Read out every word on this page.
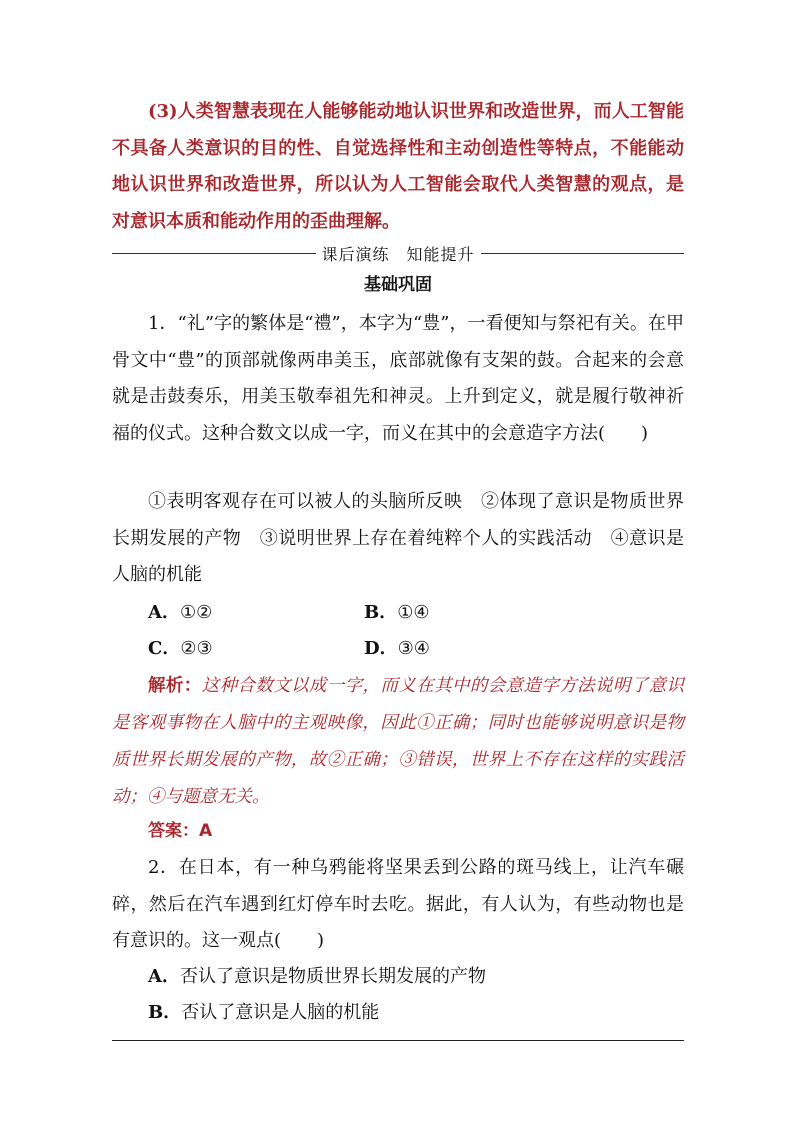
(3)人类智慧表现在人能够能动地认识世界和改造世界，而人工智能不具备人类意识的目的性、自觉选择性和主动创造性等特点，不能能动地认识世界和改造世界，所以认为人工智能会取代人类智慧的观点，是对意识本质和能动作用的歪曲理解。

课后演练　知能提升
基础巩固

1．“礼”字的繁体是“禮”，本字为“豊”，一看便知与祭祀有关。在甲骨文中“豊”的顶部就像两串美玉，底部就像有支架的鼓。合起来的会意就是击鼓奏乐，用美玉敬奉祖先和神灵。上升到定义，就是履行敬神祈福的仪式。这种合数文以成一字，而义在其中的会意造字方法(　　)

①表明客观存在可以被人的头脑所反映　②体现了意识是物质世界长期发展的产物　③说明世界上存在着纯粹个人的实践活动　④意识是人脑的机能

A．①②	B．①④
C．②③	D．③④

解析：这种合数文以成一字，而义在其中的会意造字方法说明了意识是客观事物在人脑中的主观映像，因此①正确；同时也能够说明意识是物质世界长期发展的产物，故②正确；③错误，世界上不存在这样的实践活动；④与题意无关。

答案：A

2．在日本，有一种乌鸦能将坚果丢到公路的斑马线上，让汽车碾碎，然后在汽车遇到红灯停车时去吃。据此，有人认为，有些动物也是有意识的。这一观点(　　)

A．否认了意识是物质世界长期发展的产物
B．否认了意识是人脑的机能
